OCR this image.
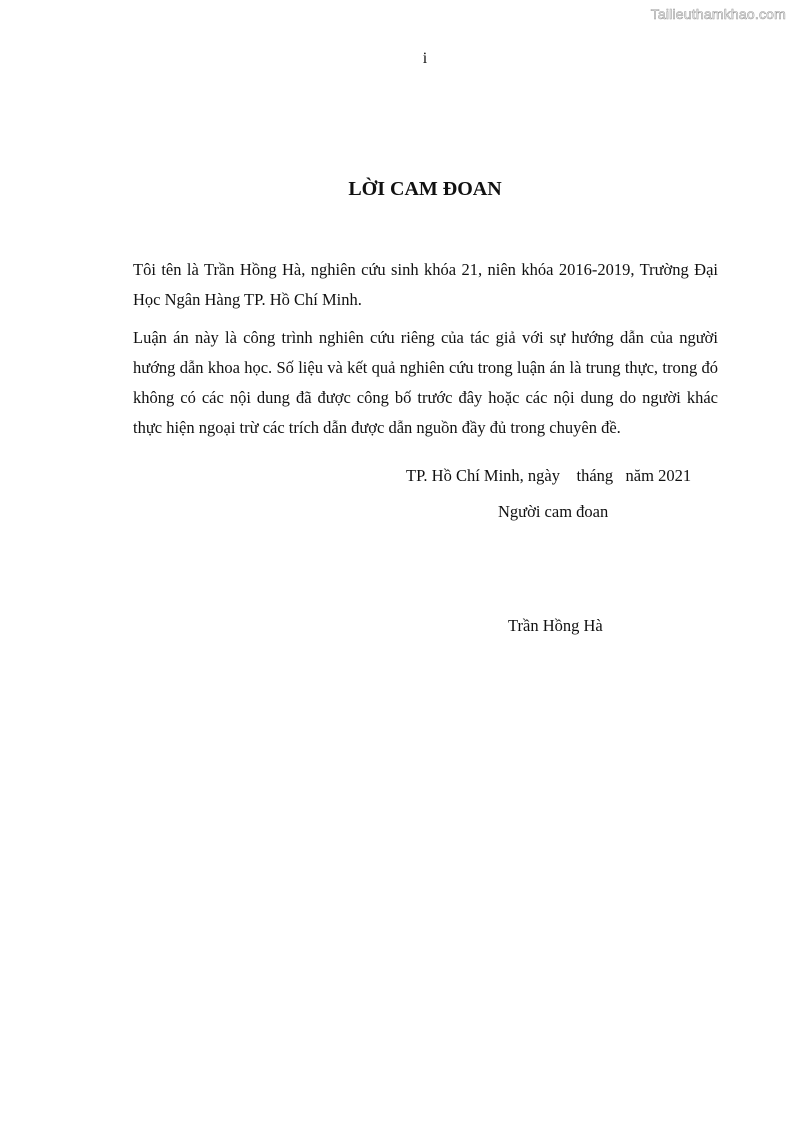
Tailieuthamkhao.com
i
LỜI CAM ĐOAN

Tôi tên là Trần Hồng Hà, nghiên cứu sinh khóa 21, niên khóa 2016-2019, Trường Đại Học Ngân Hàng TP. Hồ Chí Minh.

Luận án này là công trình nghiên cứu riêng của tác giả với sự hướng dẫn của người hướng dẫn khoa học. Số liệu và kết quả nghiên cứu trong luận án là trung thực, trong đó không có các nội dung đã được công bố trước đây hoặc các nội dung do người khác thực hiện ngoại trừ các trích dẫn được dẫn nguồn đầy đủ trong chuyên đề.

TP. Hồ Chí Minh, ngày    tháng   năm 2021
Người cam đoan
Trần Hồng Hà
